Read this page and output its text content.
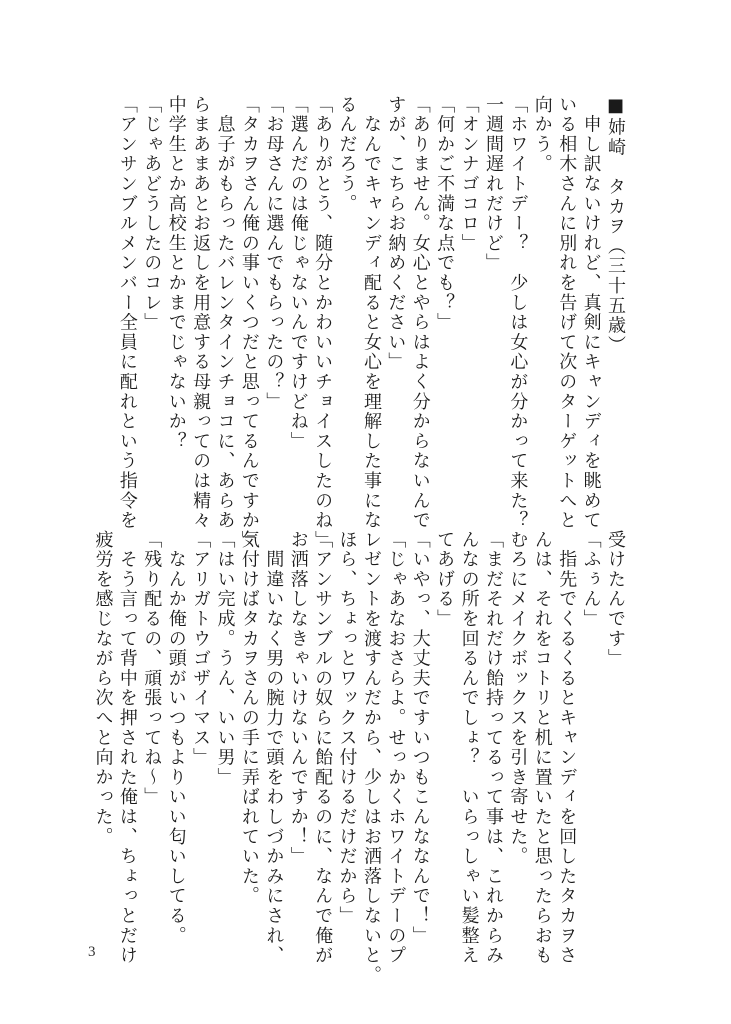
■姉崎　タカヲ（三十五歳）
　申し訳ないけれど、真剣にキャンディを眺めて
いる相木さんに別れを告げて次のターゲットへと
向かう。
「ホワイトデー？　少しは女心が分かって来た？
一週間遅れだけど」
「オンナゴコロ」
「何かご不満な点でも？」
「ありません。女心とやらはよく分からないんで
すが、こちらお納めください」
　なんでキャンディ配ると女心を理解した事にな
るんだろう。
「ありがとう、随分とかわいいチョイスしたのね」
「選んだのは俺じゃないんですけどね」
「お母さんに選んでもらったの？」
「タカヲさん俺の事いくつだと思ってるんですか」
　息子がもらったバレンタインチョコに、あらあ
らまあまあとお返しを用意する母親ってのは精々
中学生とか高校生とかまでじゃないか？
「じゃあどうしたのコレ」
「アンサンブルメンバー全員に配れという指令を
受けたんです」
「ふぅん」
　指先でくるくるとキャンディを回したタカヲさ
んは、それをコトリと机に置いたと思ったらおも
むろにメイクボックスを引き寄せた。
「まだそれだけ飴持ってるって事は、これからみ
んなの所を回るんでしょ？　いらっしゃい髪整え
てあげる」
「いやっ、大丈夫ですいつもこんななんで！」
「じゃあなおさらよ。せっかくホワイトデーのプ
レゼントを渡すんだから、少しはお洒落しないと。
ほら、ちょっとワックス付けるだけだから」
「アンサンブルの奴らに飴配るのに、なんで俺が
お洒落しなきゃいけないんですか！」
　間違いなく男の腕力で頭をわしづかみにされ、
気付けばタカヲさんの手に弄ばれていた。
「はい完成。うん、いい男」
「アリガトウゴザイマス」
　なんか俺の頭がいつもよりいい匂いしてる。
「残り配るの、頑張ってね～」
　そう言って背中を押された俺は、ちょっとだけ
疲労を感じながら次へと向かった。
3
